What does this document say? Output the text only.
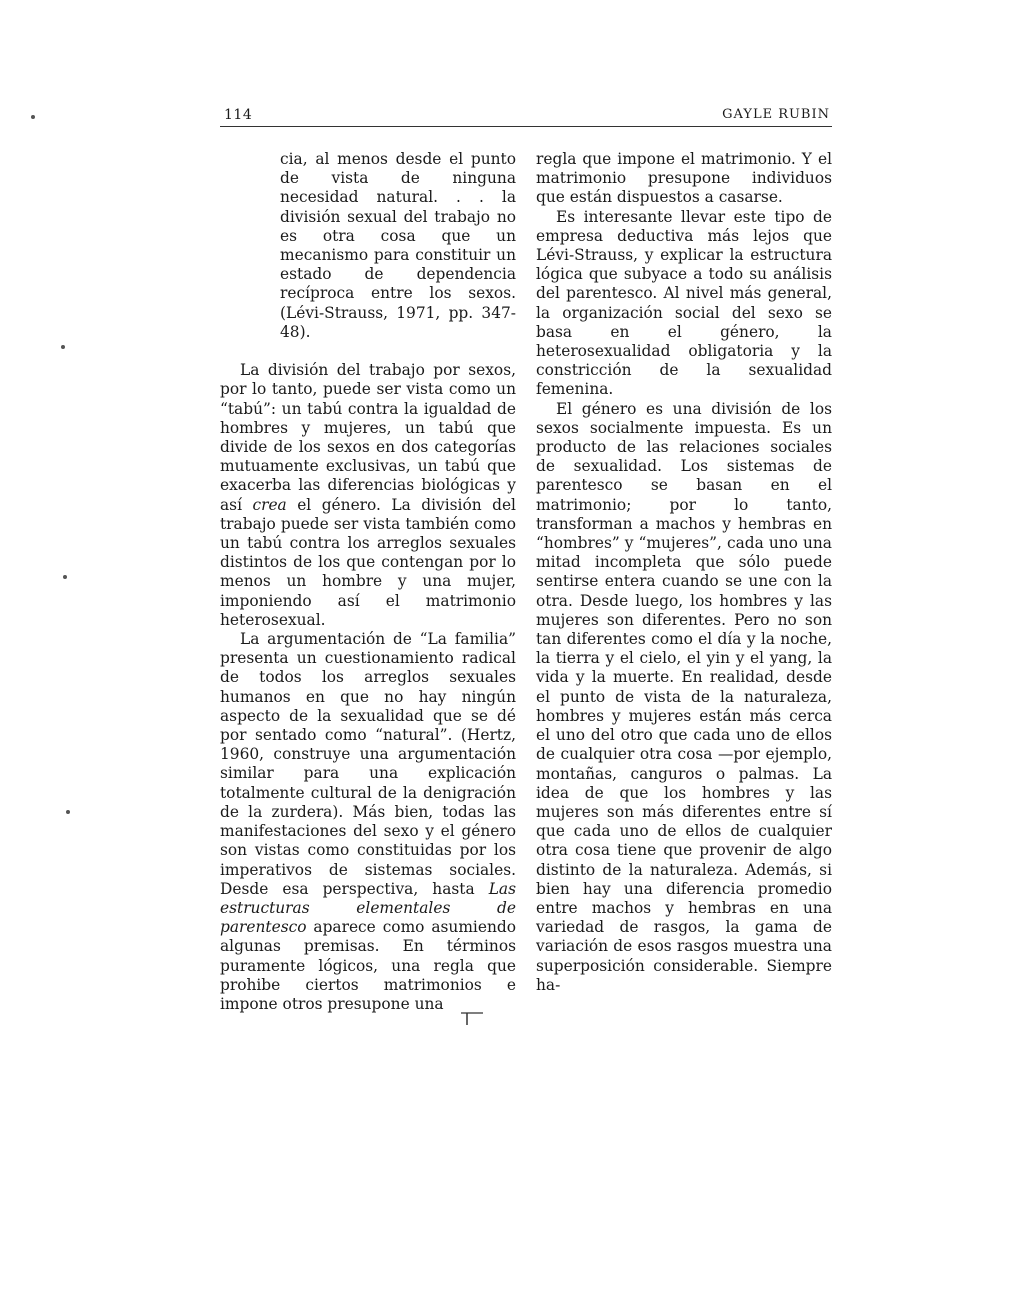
114	GAYLE RUBIN

cia, al menos desde el punto de vista de ninguna necesidad natural. . . la división sexual del trabajo no es otra cosa que un mecanismo para constituir un estado de dependencia recíproca entre los sexos. (Lévi-Strauss, 1971, pp. 347-48).

La división del trabajo por sexos, por lo tanto, puede ser vista como un “tabú”: un tabú contra la igualdad de hombres y mujeres, un tabú que divide de los sexos en dos categorías mutuamente exclusivas, un tabú que exacerba las diferencias biológicas y así crea el género. La división del trabajo puede ser vista también como un tabú contra los arreglos sexuales distintos de los que contengan por lo menos un hombre y una mujer, imponiendo así el matrimonio heterosexual.

La argumentación de “La familia” presenta un cuestionamiento radical de todos los arreglos sexuales humanos en que no hay ningún aspecto de la sexualidad que se dé por sentado como “natural”. (Hertz, 1960, construye una argumentación similar para una explicación totalmente cultural de la denigración de la zurdera). Más bien, todas las manifestaciones del sexo y el género son vistas como constituidas por los imperativos de sistemas sociales. Desde esa perspectiva, hasta Las estructuras elementales de parentesco aparece como asumiendo algunas premisas. En términos puramente lógicos, una regla que prohibe ciertos matrimonios e impone otros presupone una

regla que impone el matrimonio. Y el matrimonio presupone individuos que están dispuestos a casarse.

Es interesante llevar este tipo de empresa deductiva más lejos que Lévi-Strauss, y explicar la estructura lógica que subyace a todo su análisis del parentesco. Al nivel más general, la organización social del sexo se basa en el género, la heterosexualidad obligatoria y la constricción de la sexualidad femenina.

El género es una división de los sexos socialmente impuesta. Es un producto de las relaciones sociales de sexualidad. Los sistemas de parentesco se basan en el matrimonio; por lo tanto, transforman a machos y hembras en “hombres” y “mujeres”, cada uno una mitad incompleta que sólo puede sentirse entera cuando se une con la otra. Desde luego, los hombres y las mujeres son diferentes. Pero no son tan diferentes como el día y la noche, la tierra y el cielo, el yin y el yang, la vida y la muerte. En realidad, desde el punto de vista de la naturaleza, hombres y mujeres están más cerca el uno del otro que cada uno de ellos de cualquier otra cosa —por ejemplo, montañas, canguros o palmas. La idea de que los hombres y las mujeres son más diferentes entre sí que cada uno de ellos de cualquier otra cosa tiene que provenir de algo distinto de la naturaleza. Además, si bien hay una diferencia promedio entre machos y hembras en una variedad de rasgos, la gama de variación de esos rasgos muestra una superposición considerable. Siempre ha-
